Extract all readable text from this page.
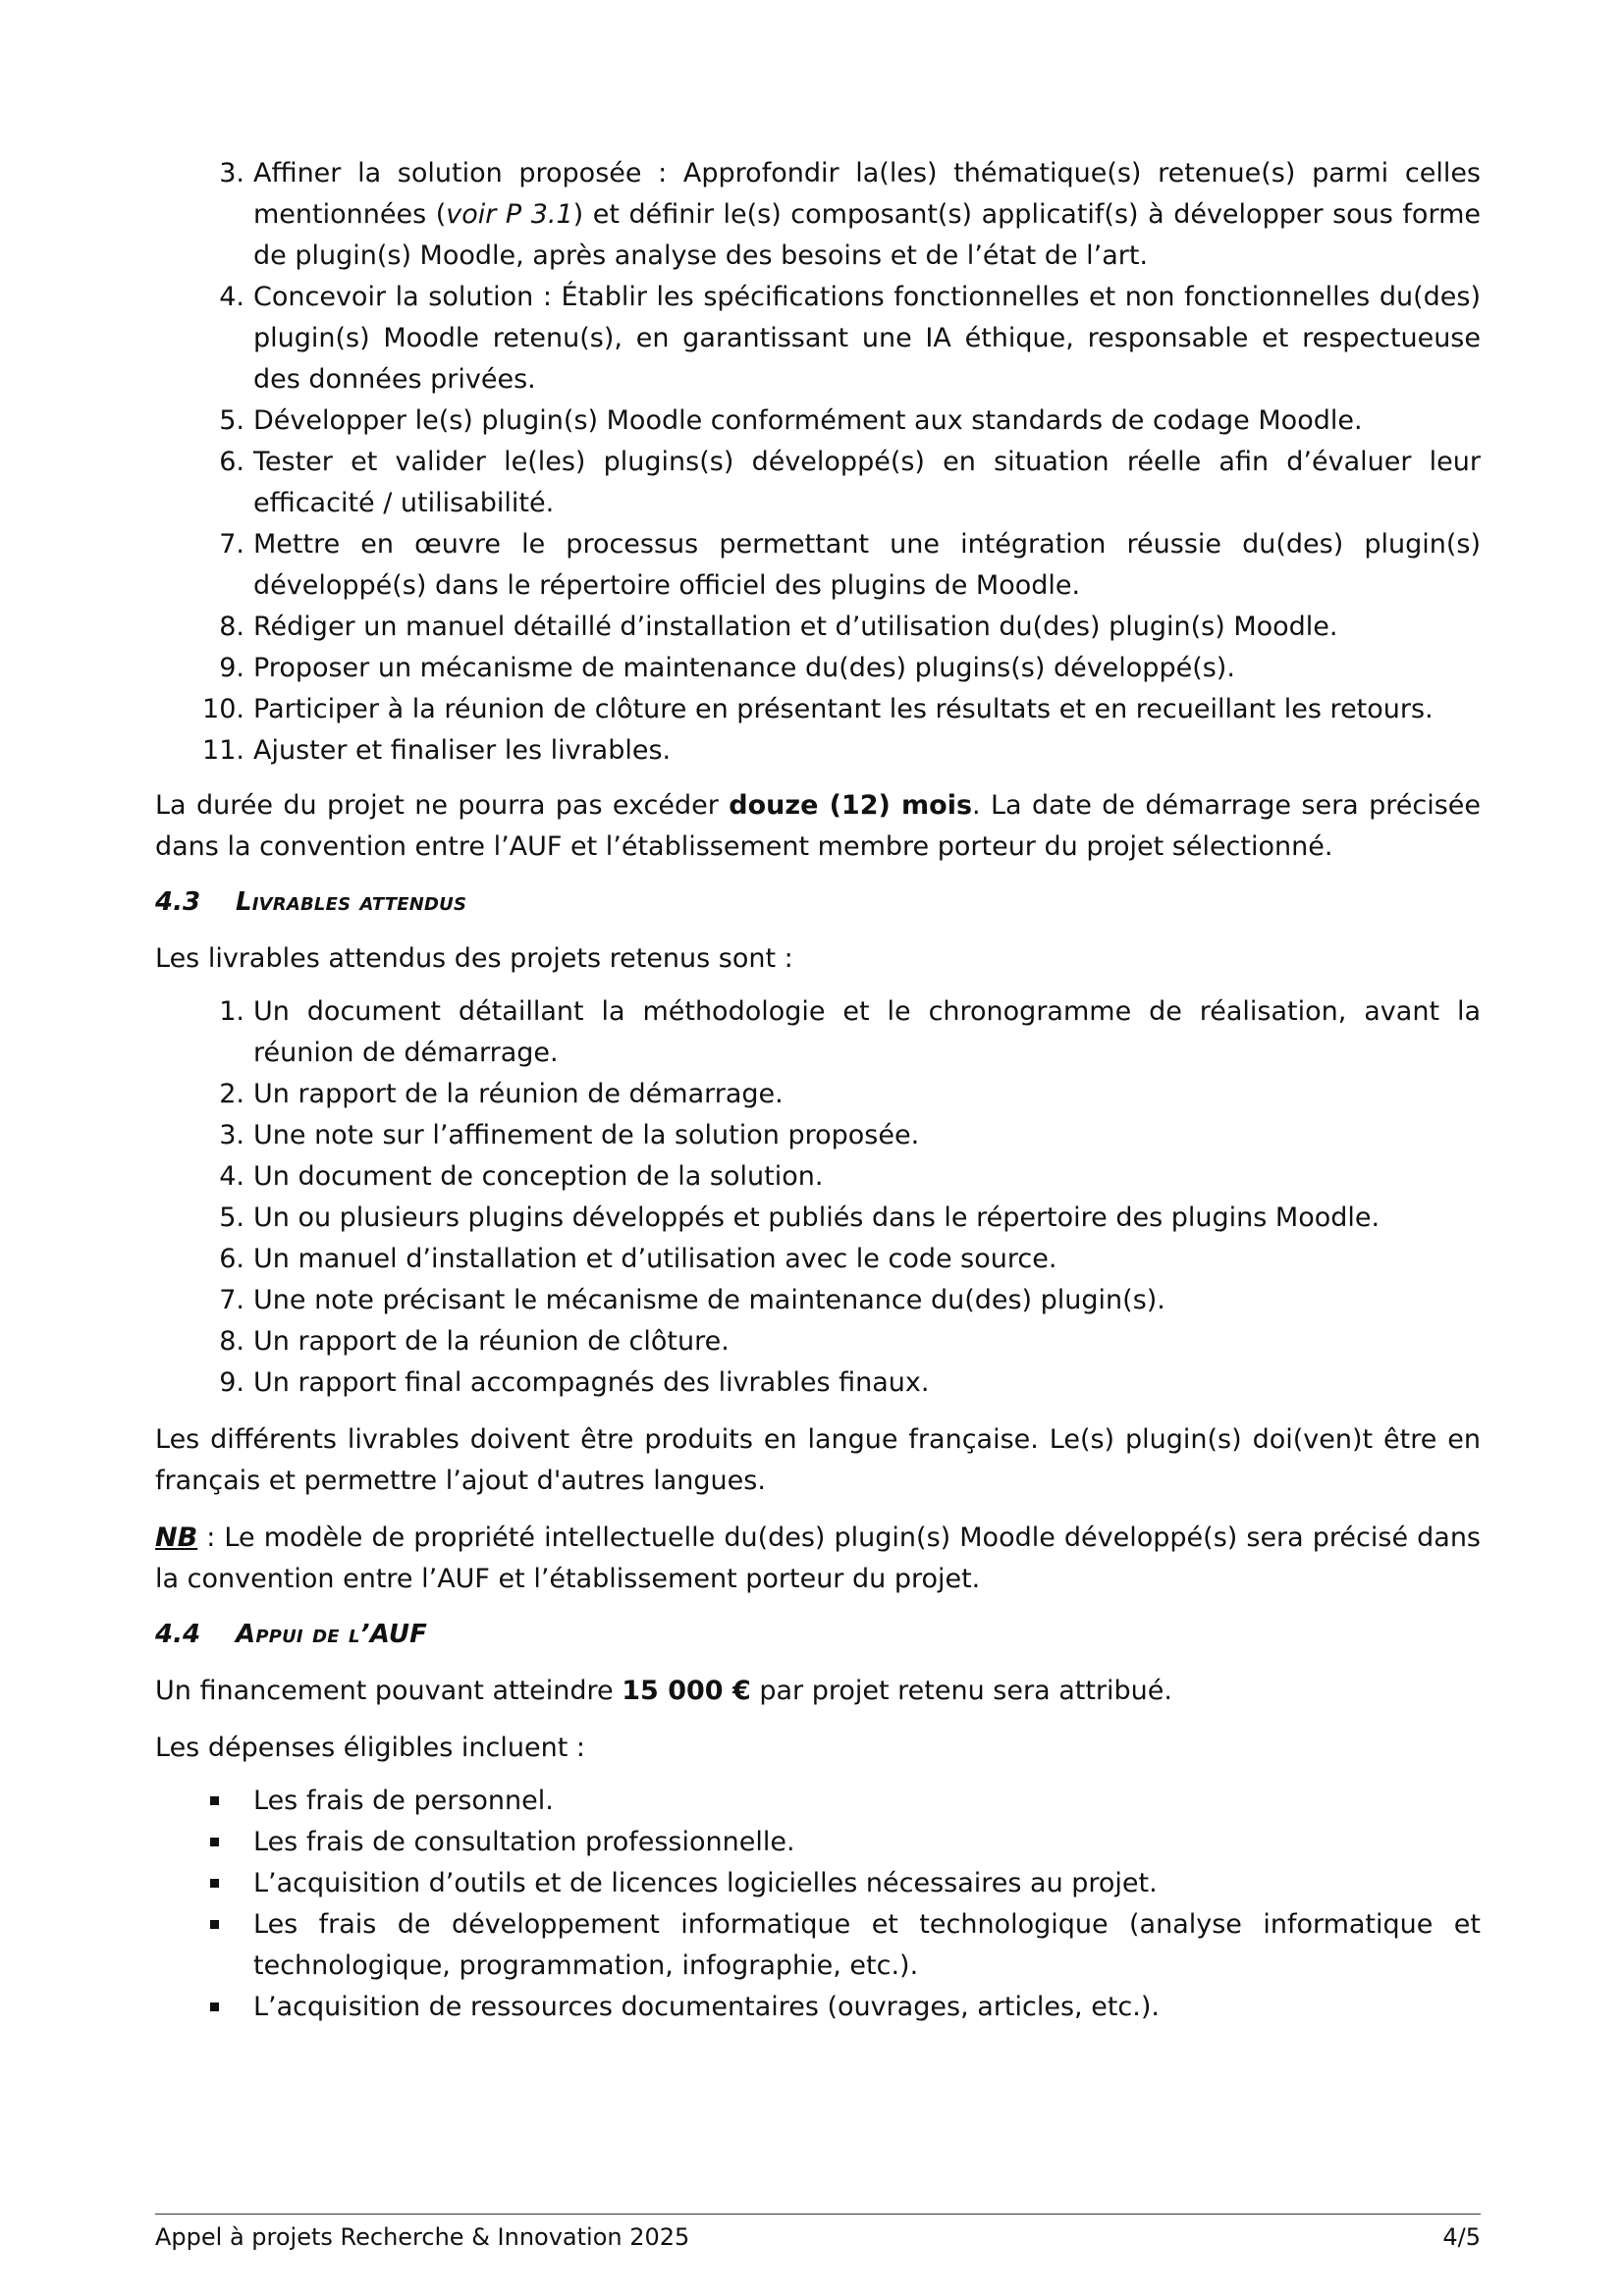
3. Affiner la solution proposée : Approfondir la(les) thématique(s) retenue(s) parmi celles mentionnées (voir P 3.1) et définir le(s) composant(s) applicatif(s) à développer sous forme de plugin(s) Moodle, après analyse des besoins et de l’état de l’art.
4. Concevoir la solution : Établir les spécifications fonctionnelles et non fonctionnelles du(des) plugin(s) Moodle retenu(s), en garantissant une IA éthique, responsable et respectueuse des données privées.
5. Développer le(s) plugin(s) Moodle conformément aux standards de codage Moodle.
6. Tester et valider le(les) plugins(s) développé(s) en situation réelle afin d’évaluer leur efficacité / utilisabilité.
7. Mettre en œuvre le processus permettant une intégration réussie du(des) plugin(s) développé(s) dans le répertoire officiel des plugins de Moodle.
8. Rédiger un manuel détaillé d’installation et d’utilisation du(des) plugin(s) Moodle.
9. Proposer un mécanisme de maintenance du(des) plugins(s) développé(s).
10. Participer à la réunion de clôture en présentant les résultats et en recueillant les retours.
11. Ajuster et finaliser les livrables.

La durée du projet ne pourra pas excéder douze (12) mois. La date de démarrage sera précisée dans la convention entre l’AUF et l’établissement membre porteur du projet sélectionné.

4.3	Livrables attendus

Les livrables attendus des projets retenus sont :

1. Un document détaillant la méthodologie et le chronogramme de réalisation, avant la réunion de démarrage.
2. Un rapport de la réunion de démarrage.
3. Une note sur l’affinement de la solution proposée.
4. Un document de conception de la solution.
5. Un ou plusieurs plugins développés et publiés dans le répertoire des plugins Moodle.
6. Un manuel d’installation et d’utilisation avec le code source.
7. Une note précisant le mécanisme de maintenance du(des) plugin(s).
8. Un rapport de la réunion de clôture.
9. Un rapport final accompagnés des livrables finaux.

Les différents livrables doivent être produits en langue française. Le(s) plugin(s) doi(ven)t être en français et permettre l’ajout d'autres langues.

NB : Le modèle de propriété intellectuelle du(des) plugin(s) Moodle développé(s) sera précisé dans la convention entre l’AUF et l’établissement porteur du projet.

4.4	Appui de l’AUF

Un financement pouvant atteindre 15 000 € par projet retenu sera attribué.

Les dépenses éligibles incluent :

Les frais de personnel.
Les frais de consultation professionnelle.
L’acquisition d’outils et de licences logicielles nécessaires au projet.
Les frais de développement informatique et technologique (analyse informatique et technologique, programmation, infographie, etc.).
L’acquisition de ressources documentaires (ouvrages, articles, etc.).
Appel à projets Recherche & Innovation 2025	4/5
